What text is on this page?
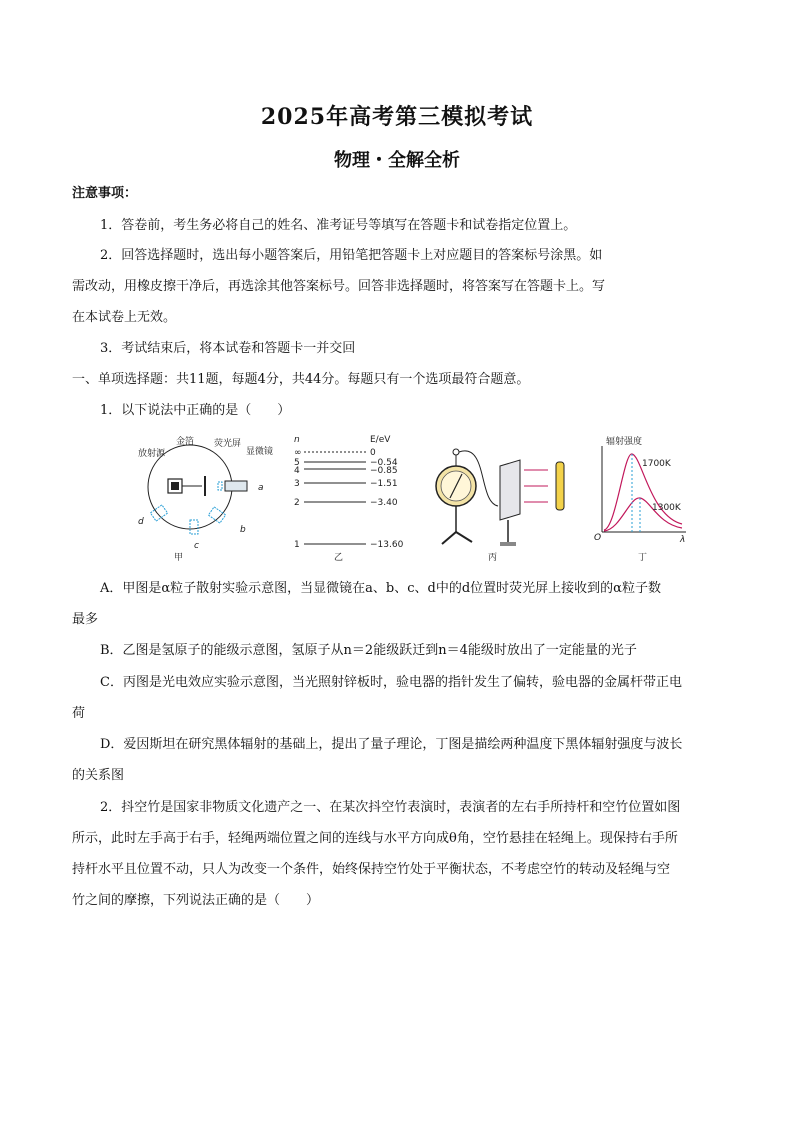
2025年高考第三模拟考试
物理・全解全析
注意事项：
1．答卷前，考生务必将自己的姓名、准考证号等填写在答题卡和试卷指定位置上。
2．回答选择题时，选出每小题答案后，用铅笔把答题卡上对应题目的答案标号涂黑。如
需改动，用橡皮擦干净后，再选涂其他答案标号。回答非选择题时，将答案写在答题卡上。写
在本试卷上无效。
3．考试结束后，将本试卷和答题卡一并交回
一、单项选择题：共11题，每题4分，共44分。每题只有一个选项最符合题意。
1．以下说法中正确的是（　　）
放射源
金箔 荧光屏
显微镜
a
b
c
d
甲
n	E/eV
∞	0
5	−0.54
4	−0.85
3	−1.51
2	−3.40
1	−13.60
乙	丙
辐射强度
1700K
1300K
O	λ
丁
A．甲图是α粒子散射实验示意图，当显微镜在a、b、c、d中的d位置时荧光屏上接收到的α粒子数
最多
B．乙图是氢原子的能级示意图，氢原子从n＝2能级跃迁到n＝4能级时放出了一定能量的光子
C．丙图是光电效应实验示意图，当光照射锌板时，验电器的指针发生了偏转，验电器的金属杆带正电
荷
D．爱因斯坦在研究黑体辐射的基础上，提出了量子理论，丁图是描绘两种温度下黑体辐射强度与波长
的关系图
2．抖空竹是国家非物质文化遗产之一、在某次抖空竹表演时，表演者的左右手所持杆和空竹位置如图
所示，此时左手高于右手，轻绳两端位置之间的连线与水平方向成θ角，空竹悬挂在轻绳上。现保持右手所
持杆水平且位置不动，只人为改变一个条件，始终保持空竹处于平衡状态，不考虑空竹的转动及轻绳与空
竹之间的摩擦，下列说法正确的是（　　）
